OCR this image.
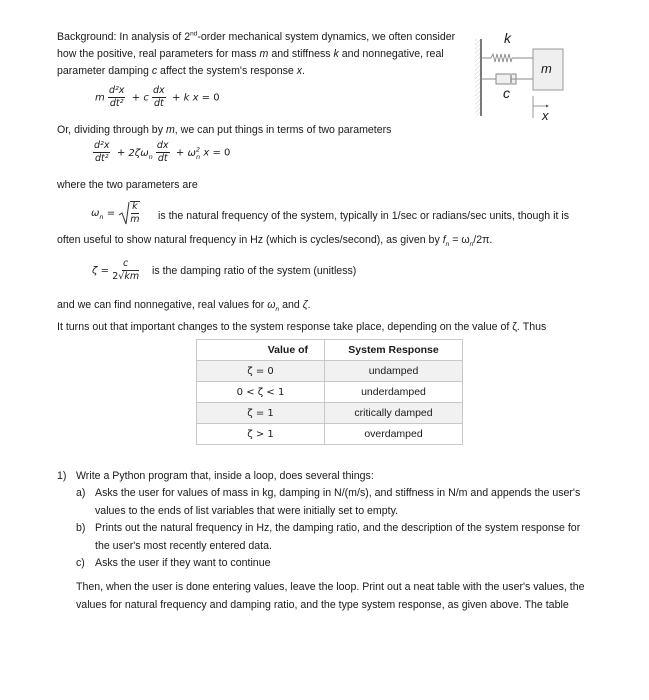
Background: In analysis of 2nd-order mechanical system dynamics, we often consider
how the positive, real parameters for mass m and stiffness k and nonnegative, real
parameter damping c affect the system's response x.
m $\frac{\text{d²x}}{\text{dt²}} + c \frac{dx}{dt} + k$ x = 0
Or, dividing through by m, we can put things in terms of two parameters
$\frac{\text{d²x}}{\text{dt²}} + 2\zeta\omega_n \frac{dx}{dt} + \omega^2_n$ x = 0
where the two parameters are
$\omega_n = \frac{k}{m}$ is the natural frequency of the system, typically in 1/sec or radians/sec units, though it is
often useful to show natural frequency in Hz (which is cycles/second), as given by $f_n = \omega_n/2\pi$.
$\zeta = \frac{c}{2√km}$ is the damping ratio of the system (unitless)
and we can find nonnegative, real values for $\omega_n$ and ζ.
It turns out that important changes to the system response take place, depending on the value of ζ. Thus
Value of	System Response
ζ = 0	undamped
0 < ζ < 1	underdamped
ζ = 1	critically damped
ζ > 1	overdamped
k
c
m
x
1) Write a Python program that, inside a loop, does several things:
a) Asks the user for values of mass in kg, damping in N/(m/s), and stiffness in N/m and appends the user's
values to the ends of list variables that were initially set to empty.
b) Prints out the natural frequency in Hz, the damping ratio, and the description of the system response for
the user's most recently entered data.
c) Asks the user if they want to continue
Then, when the user is done entering values, leave the loop. Print out a neat table with the user's values, the
values for natural frequency and damping ratio, and the type system response, as given above. The table
